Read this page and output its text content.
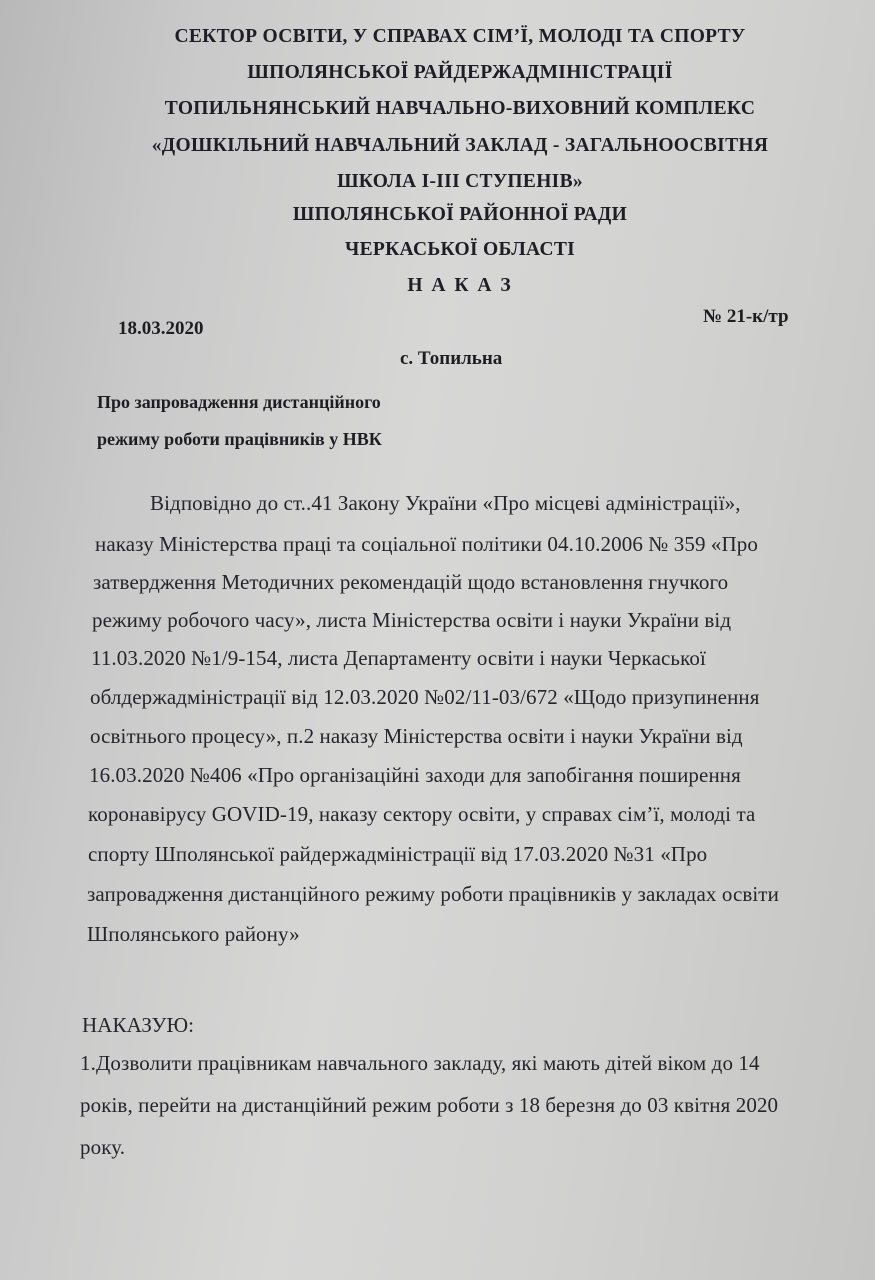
СЕКТОР ОСВІТИ, У СПРАВАХ СІМ’Ї, МОЛОДІ ТА СПОРТУ
ШПОЛЯНСЬКОЇ РАЙДЕРЖАДМІНІСТРАЦІЇ
ТОПИЛЬНЯНСЬКИЙ НАВЧАЛЬНО-ВИХОВНИЙ КОМПЛЕКС
«ДОШКІЛЬНИЙ НАВЧАЛЬНИЙ ЗАКЛАД - ЗАГАЛЬНООСВІТНЯ
ШКОЛА І-ІІІ СТУПЕНІВ»
ШПОЛЯНСЬКОЇ РАЙОННОЇ РАДИ
ЧЕРКАСЬКОЇ ОБЛАСТІ
Н А К А З
18.03.2020
№ 21-к/тр
с. Топильна
Про запровадження дистанційного
режиму роботи працівників у НВК
Відповідно до ст..41 Закону України «Про місцеві адміністрації»,
наказу Міністерства праці та соціальної політики 04.10.2006 № 359 «Про
затвердження Методичних рекомендацій щодо встановлення гнучкого
режиму робочого часу», листа Міністерства освіти і науки України від
11.03.2020 №1/9-154, листа Департаменту освіти і науки Черкаської
облдержадміністрації від 12.03.2020 №02/11-03/672 «Щодо призупинення
освітнього процесу», п.2 наказу Міністерства освіти і науки України від
16.03.2020 №406 «Про організаційні заходи для запобігання поширення
коронавірусу GOVID-19, наказу сектору освіти, у справах сім’ї, молоді та
спорту Шполянської райдержадміністрації від 17.03.2020 №31 «Про
запровадження дистанційного режиму роботи працівників у закладах освіти
Шполянського району»
НАКАЗУЮ:
1.Дозволити працівникам навчального закладу, які мають дітей віком до 14
років, перейти на дистанційний режим роботи з 18 березня до 03 квітня 2020
року.
